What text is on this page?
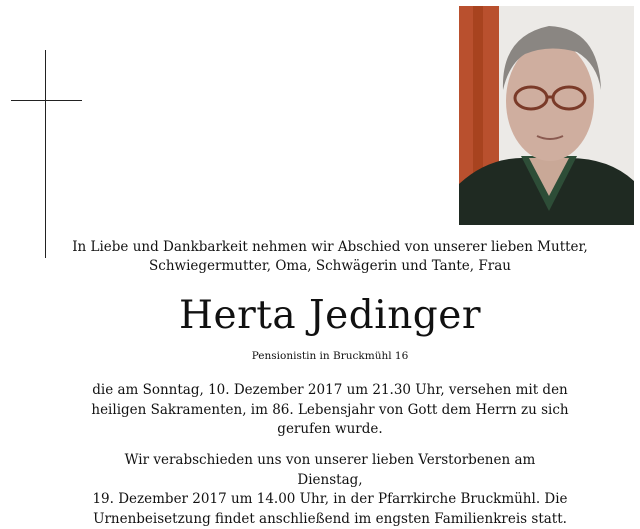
In Liebe und Dankbarkeit nehmen wir Abschied von unserer lieben Mutter,
Schwiegermutter, Oma, Schwägerin und Tante, Frau
Herta Jedinger
Pensionistin in Bruckmühl 16
die am Sonntag, 10. Dezember 2017 um 21.30 Uhr, versehen mit den
heiligen Sakramenten, im 86. Lebensjahr von Gott dem Herrn zu sich
gerufen wurde.
Wir verabschieden uns von unserer lieben Verstorbenen am Dienstag,
19. Dezember 2017 um 14.00 Uhr, in der Pfarrkirche Bruckmühl. Die
Urnenbeisetzung findet anschließend im engsten Familienkreis statt.
